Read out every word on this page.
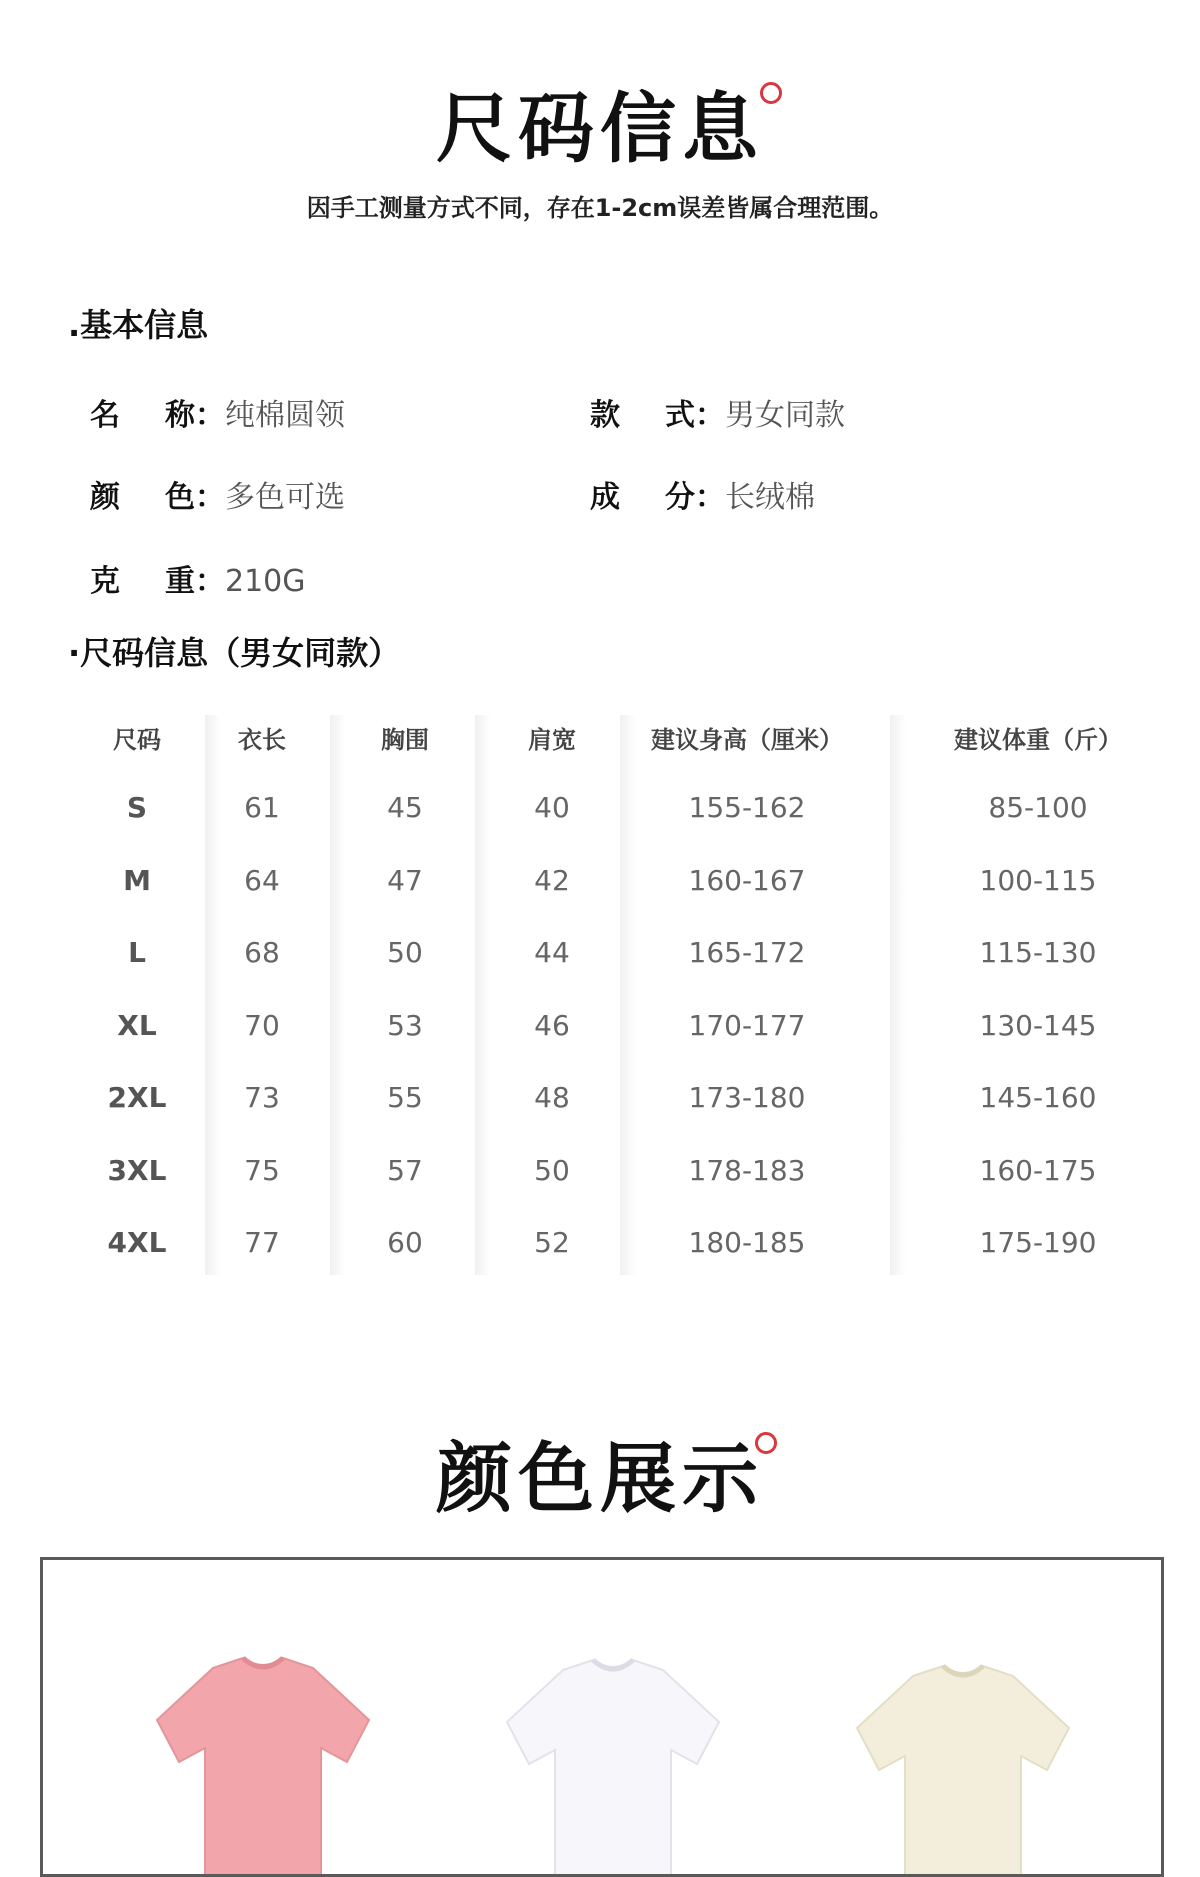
尺码信息
因手工测量方式不同，存在1-2cm误差皆属合理范围。
.基本信息
名 称：纯棉圆领	款 式：男女同款
颜 色：多色可选	成 分：长绒棉
克 重：210G
·尺码信息（男女同款）
尺码	衣长	胸围	肩宽	建议身高（厘米）	建议体重（斤）
S	61	45	40	155-162	85-100
M	64	47	42	160-167	100-115
L	68	50	44	165-172	115-130
XL	70	53	46	170-177	130-145
2XL	73	55	48	173-180	145-160
3XL	75	57	50	178-183	160-175
4XL	77	60	52	180-185	175-190
颜色展示
